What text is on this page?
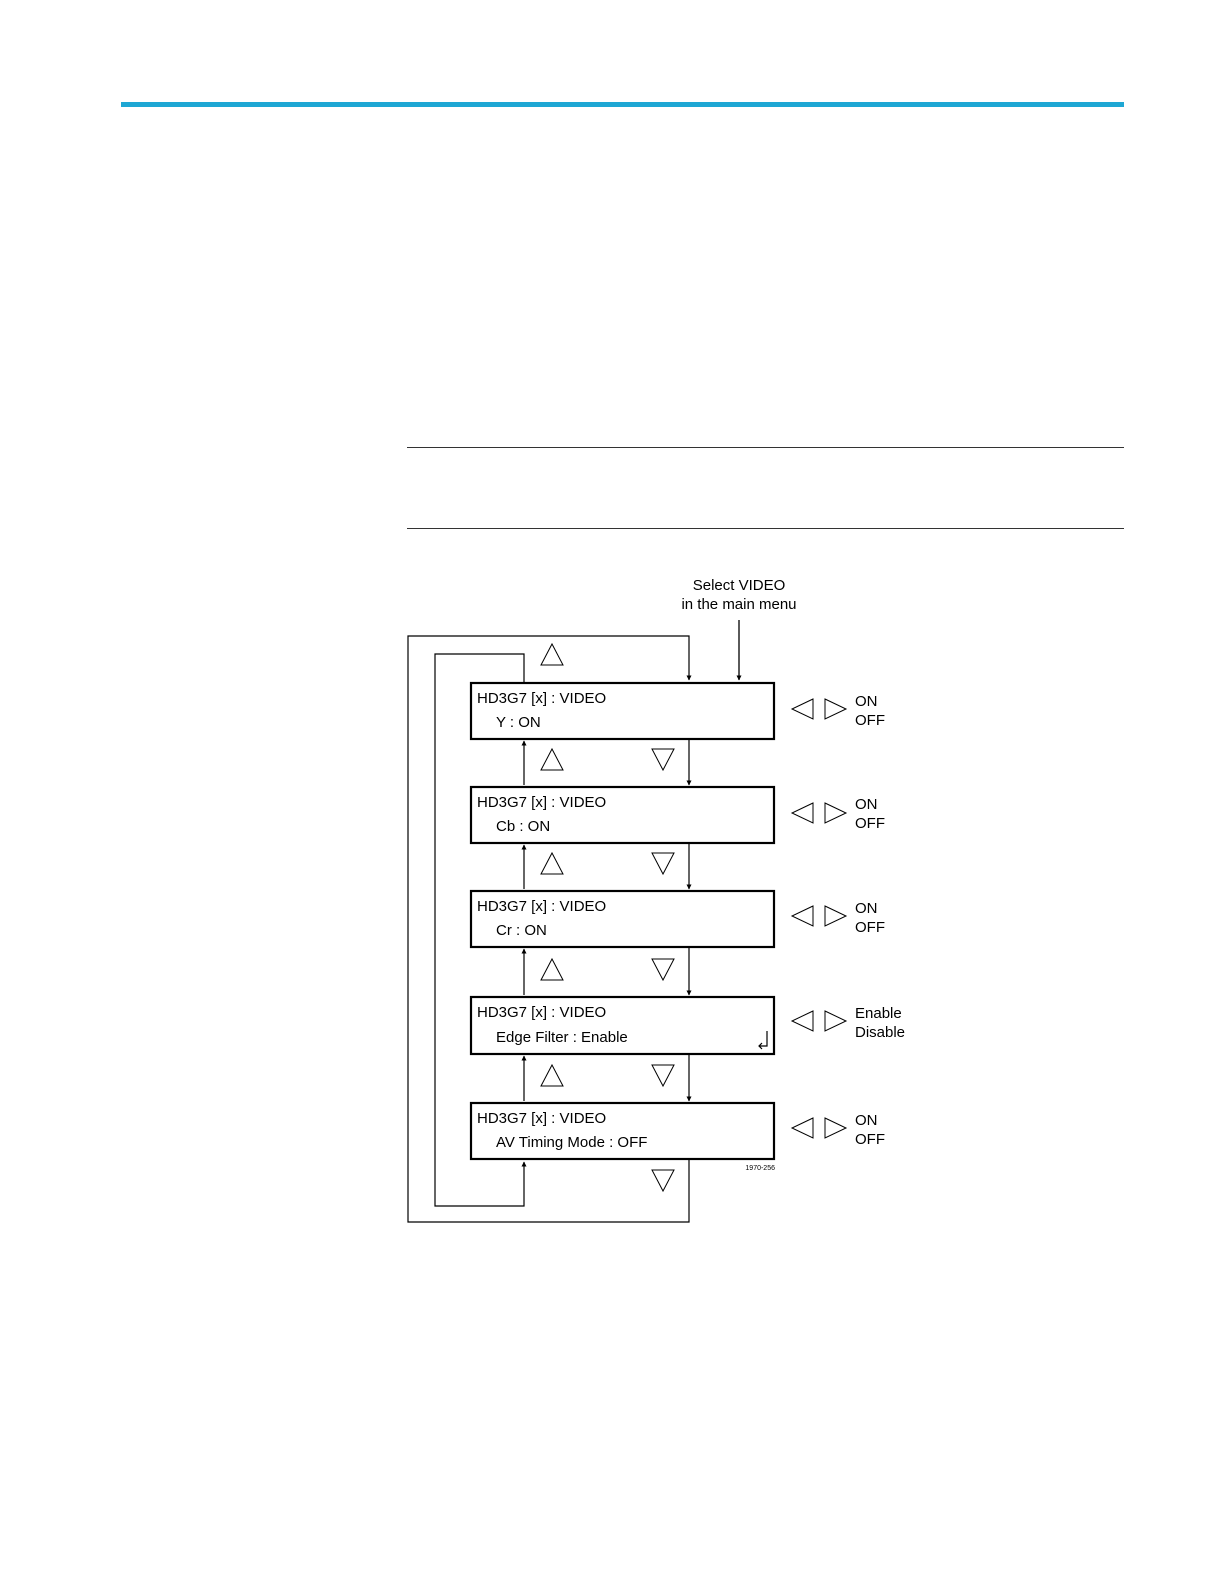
Select VIDEO
in the main menu
HD3G7 [x] : VIDEO
Y : ON
ON
OFF
HD3G7 [x] : VIDEO
Cb : ON
ON
OFF
HD3G7 [x] : VIDEO
Cr : ON
ON
OFF
HD3G7 [x] : VIDEO
Edge Filter : Enable
Enable
Disable
HD3G7 [x] : VIDEO
AV Timing Mode : OFF
ON
OFF
1970-256
